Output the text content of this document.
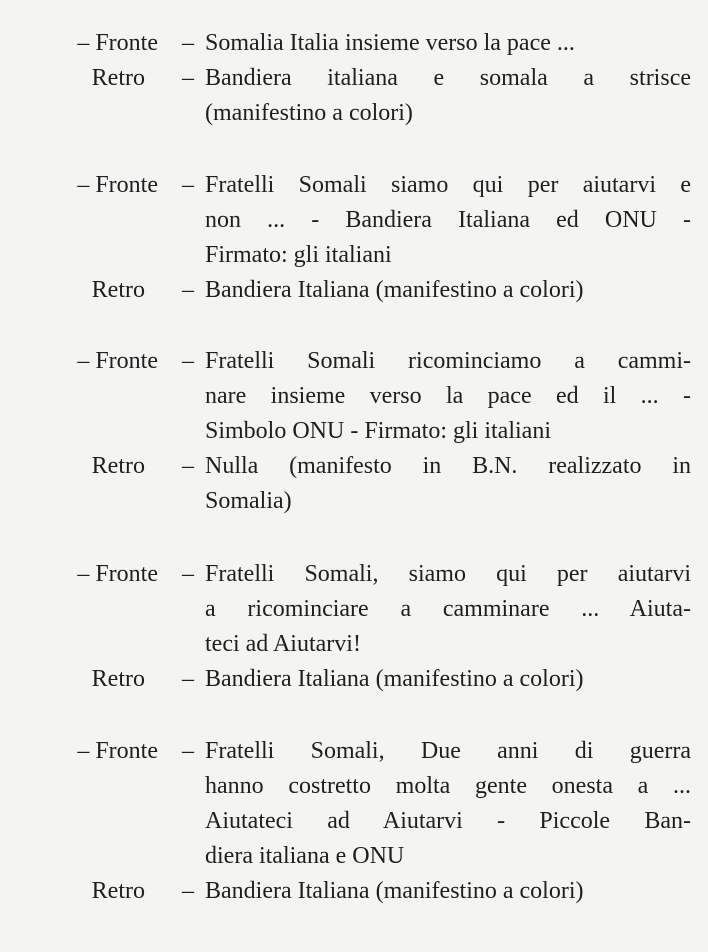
– Fronte – Somalia Italia insieme verso la pace ...
Retro – Bandiera italiana e somala a strisce
(manifestino a colori)
– Fronte – Fratelli Somali siamo qui per aiutarvi e
non ... - Bandiera Italiana ed ONU -
Firmato: gli italiani
Retro – Bandiera Italiana (manifestino a colori)
– Fronte – Fratelli Somali ricominciamo a cammi-
nare insieme verso la pace ed il ... -
Simbolo ONU - Firmato: gli italiani
Retro – Nulla (manifesto in B.N. realizzato in
Somalia)
– Fronte – Fratelli Somali, siamo qui per aiutarvi
a ricominciare a camminare ... Aiuta-
teci ad Aiutarvi!
Retro – Bandiera Italiana (manifestino a colori)
– Fronte – Fratelli Somali, Due anni di guerra
hanno costretto molta gente onesta a ...
Aiutateci ad Aiutarvi - Piccole Ban-
diera italiana e ONU
Retro – Bandiera Italiana (manifestino a colori)
